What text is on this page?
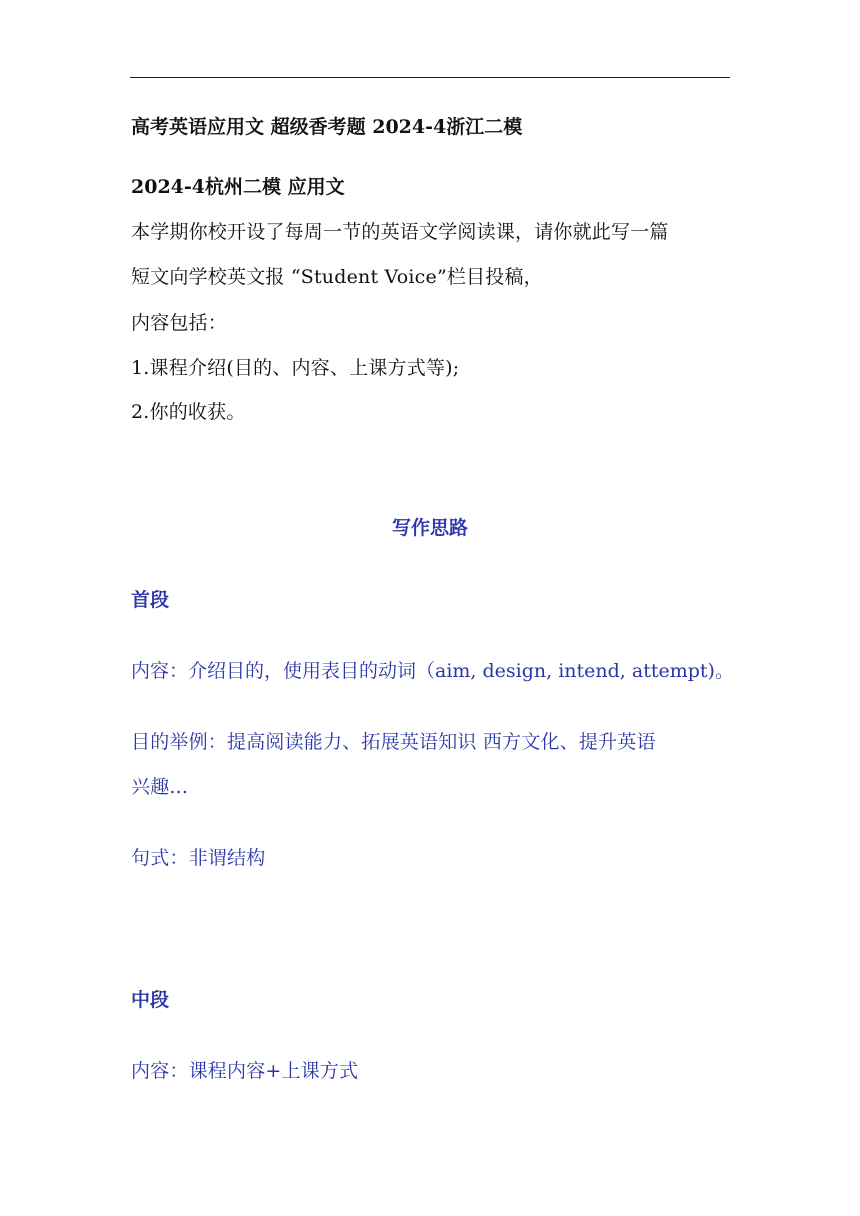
高考英语应用文 超级香考题 2024-4浙江二模
2024-4杭州二模 应用文
本学期你校开设了每周一节的英语文学阅读课，请你就此写一篇
短文向学校英文报 “Student Voice”栏目投稿，
内容包括：
1.课程介绍(目的、内容、上课方式等);
2.你的收获。
写作思路
首段
内容：介绍目的，使用表目的动词（aim, design, intend, attempt)。
目的举例：提高阅读能力、拓展英语知识 西方文化、提升英语
兴趣...
句式：非谓结构
中段
内容：课程内容+上课方式
